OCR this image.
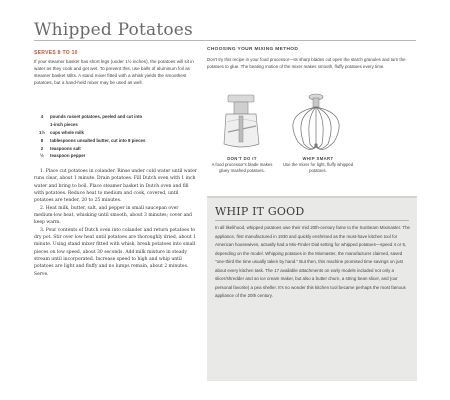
Whipped Potatoes
SERVES 8 TO 10
If your steamer basket has short legs (under 1½ inches), the potatoes will sit in water as they cook and get wet. To prevent this, use balls of aluminum foil as steamer basket stilts. A stand mixer fitted with a whisk yields the smoothest potatoes, but a hand-held mixer may be used as well.
4	pounds russet potatoes, peeled and cut into
1-inch pieces
1½	cups whole milk
8	tablespoons unsalted butter, cut into 8 pieces
2	teaspoons salt
½	teaspoon pepper

1. Place cut potatoes in colander. Rinse under cold water until water runs clear, about 1 minute. Drain potatoes. Fill Dutch oven with 1 inch water and bring to boil. Place steamer basket in Dutch oven and fill with potatoes. Reduce heat to medium and cook, covered, until potatoes are tender, 20 to 25 minutes.

2. Heat milk, butter, salt, and pepper in small saucepan over medium-low heat, whisking until smooth, about 3 minutes; cover and keep warm.

3. Pour contents of Dutch oven into colander and return potatoes to dry pot. Stir over low heat until potatoes are thoroughly dried, about 1 minute. Using stand mixer fitted with whisk, break potatoes into small pieces on low speed, about 30 seconds. Add milk mixture in steady stream until incorporated. Increase speed to high and whip until potatoes are light and fluffy and no lumps remain, about 2 minutes. Serve.

CHOOSING YOUR MIXING METHOD
Don't try this recipe in your food processor—its sharp blades cut open the starch granules and turn the potatoes to glue. The beating motion of the mixer makes smooth, fluffy potatoes every time.
DON'T DO IT
A food processor's blade makes gluey mashed potatoes.
WHIP SMART
Use the mixer for light, fluffy whipped potatoes.
WHIP IT GOOD
In all likelihood, whipped potatoes owe their mid 20th-century fame to the Sunbeam Mixmaster. The appliance, first manufactured in 1930 and quickly enshrined as the must-have kitchen tool for American housewives, actually had a Mix-Finder Dial setting for whipped potatoes—speed 4 or 5, depending on the model. Whipping potatoes in the Mixmaster, the manufacturer claimed, saved "one-third the time usually taken by hand." But then, this machine promised time savings on just about every kitchen task. The 17 available attachments on early models included not only a slicer/shredder and an ice cream maker, but also a butter churn, a string bean slicer, and (our personal favorite) a pea sheller. It's no wonder this kitchen tool became perhaps the most famous appliance of the 20th century.
